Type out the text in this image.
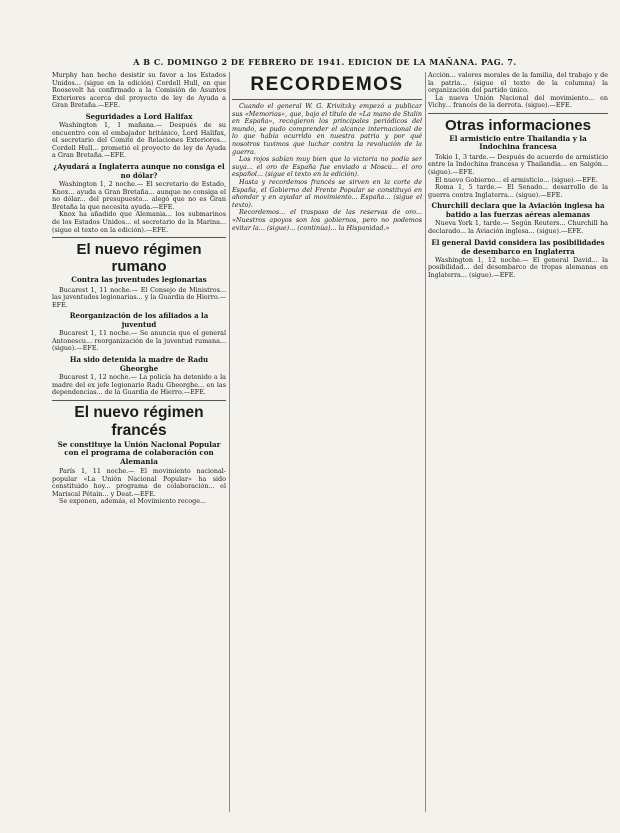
A B C. DOMINGO 2 DE FEBRERO DE 1941. EDICION DE LA MAÑANA. PAG. 7.

Murphy han hecho desistir su favor a los Estados Unidos... (sigue en la edición) Cordell Hull, en que Roosevelt ha confirmado a la Comisión de Asuntos Exteriores acerca del proyecto de ley de Ayuda a Gran Bretaña.—EFE.

Seguridades a Lord Halifax

Washington 1, 1 mañana.— Después de su encuentro con el embajador británico, Lord Halifax, el secretario del Comité de Relaciones Exteriores... Cordell Hull... prometió el proyecto de ley de Ayuda a Gran Bretaña.—EFE.

¿Ayudará a Inglaterra aunque no consiga el no dólar?

Washington 1, 2 noche.— El secretario de Estado, Knox... ayuda a Gran Bretaña... aunque no consiga el no dólar... del presupuesto... alegó que no es Gran Bretaña la que necesita ayuda.—EFE.

Knox ha añadido que Alemania... los submarinos de los Estados Unidos... el secretario de la Marina... (sigue el texto en la edición).—EFE.

El nuevo régimen rumano
Contra las juventudes legionarias

Bucarest 1, 11 noche.— El Consejo de Ministros... las juventudes legionarias... y la Guardia de Hierro.—EFE.

Reorganización de los afiliados a la juventud

Bucarest 1, 11 noche.— Se anuncia que el general Antonescu... reorganización de la juventud rumana... (sigue).—EFE.

Ha sido detenida la madre de Radu Gheorghe

Bucarest 1, 12 noche.— La policía ha detenido a la madre del ex jefe legionario Radu Gheorghe... en las dependencias... de la Guardia de Hierro.—EFE.

El nuevo régimen francés
Se constituye la Unión Nacional Popular con el programa de colaboración con Alemania

París 1, 11 noche.— El movimiento nacional-popular «La Unión Nacional Popular» ha sido constituido hoy... programa de colaboración... el Mariscal Pétain... y Deat.—EFE.

Se exponen, además, el Movimiento recoge...

RECORDEMOS

Cuando el general W. G. Krivitzky empezó a publicar sus «Memorias», que, bajo el título de «La mano de Stalin en España», recogieron los principales periódicos del mundo, se pudo comprender el alcance internacional de lo que había ocurrido en nuestra patria y por qué nosotros tuvimos que luchar contra la revolución de la guerra.

Los rojos sabían muy bien que la victoria no podía ser suya... el oro de España fue enviado a Moscú... el oro español... (sigue el texto en la edición).

Hasta y recordemos francés se sirven en la corte de España, el Gobierno del Frente Popular se constituyó en ahondar y en ayudar al movimiento... España... (sigue el texto).

Recordemos... el traspaso de las reservas de oro... «Nuestros apoyos son los gobiernos, pero no podemos evitar la... (sigue)... (continúa)... la Hispanidad.»

Acción... valores morales de la familia, del trabajo y de la patria... (sigue el texto de la columna) la organización del partido único.

La nueva Unión Nacional del movimiento... en Vichy... francés de la derrota. (sigue).—EFE.

Otras informaciones
El armisticio entre Thailandia y la Indochina francesa

Tokio 1, 3 tarde.— Después de acuerdo de armisticio entre la Indochina francesa y Thailandia... en Saigón... (sigue).—EFE.

El nuevo Gobierno... el armisticio... (sigue).—EFE.

Roma 1, 5 tarde.— El Senado... desarrollo de la guerra contra Inglaterra... (sigue).—EFE.

Churchill declara que la Aviación inglesa ha batido a las fuerzas aéreas alemanas

Nueva York 1, tarde.— Según Reuters... Churchill ha declarado... la Aviación inglesa... (sigue).—EFE.

El general David considera las posibilidades de desembarco en Inglaterra

Washington 1, 12 noche.— El general David... la posibilidad... del desembarco de tropas alemanas en Inglaterra... (sigue).—EFE.
